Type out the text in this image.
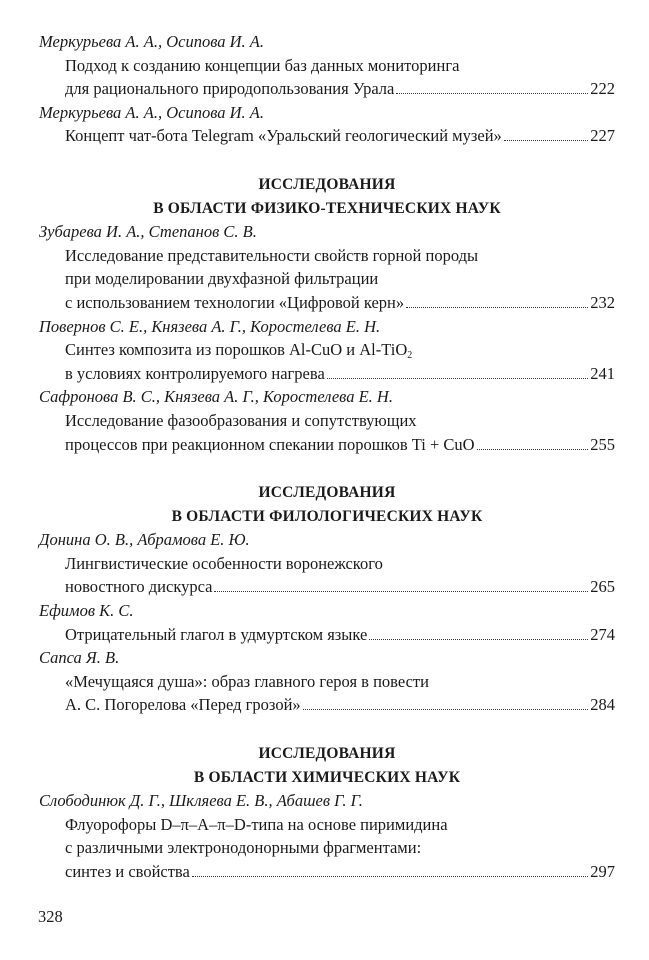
Меркурьева А. А., Осипова И. А.
Подход к созданию концепции баз данных мониторинга
для рационального природопользования Урала	222
Меркурьева А. А., Осипова И. А.
Концепт чат-бота Telegram «Уральский геологический музей»	227
ИССЛЕДОВАНИЯ
В ОБЛАСТИ ФИЗИКО-ТЕХНИЧЕСКИХ НАУК
Зубарева И. А., Степанов С. В.
Исследование представительности свойств горной породы
при моделировании двухфазной фильтрации
с использованием технологии «Цифровой керн»	232
Повернов С. Е., Князева А. Г., Коростелева Е. Н.
Синтез композита из порошков Al-CuO и Al-TiO$_2$
в условиях контролируемого нагрева	241
Сафронова В. С., Князева А. Г., Коростелева Е. Н.
Исследование фазообразования и сопутствующих
процессов при реакционном спекании порошков Ti + CuO	255
ИССЛЕДОВАНИЯ
В ОБЛАСТИ ФИЛОЛОГИЧЕСКИХ НАУК
Донина О. В., Абрамова Е. Ю.
Лингвистические особенности воронежского
новостного дискурса	265
Ефимов К. С.
Отрицательный глагол в удмуртском языке	274
Сапса Я. В.
«Мечущаяся душа»: образ главного героя в повести
А. С. Погорелова «Перед грозой»	284
ИССЛЕДОВАНИЯ
В ОБЛАСТИ ХИМИЧЕСКИХ НАУК
Слободинюк Д. Г., Шкляева Е. В., Абашев Г. Г.
Флуорофоры D–π–A–π–D-типа на основе пиримидина
с различными электронодонорными фрагментами:
синтез и свойства	297
328
